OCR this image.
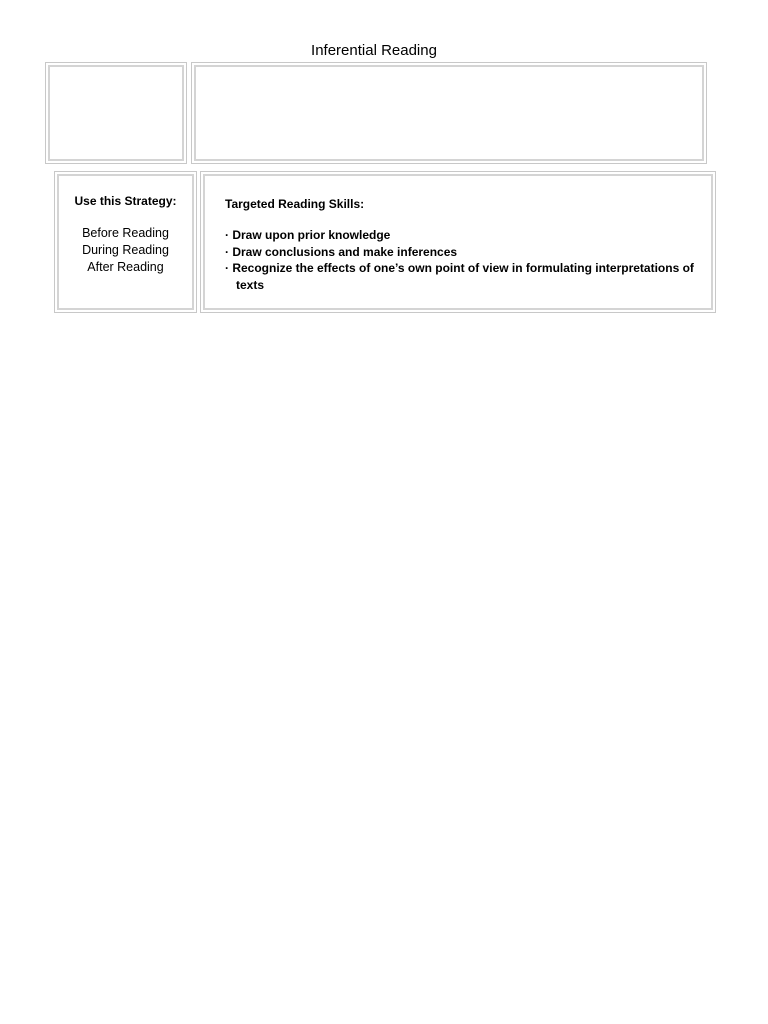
Inferential Reading
Use this Strategy:
Before Reading
During Reading
After Reading
Targeted Reading Skills:
· Draw upon prior knowledge
· Draw conclusions and make inferences
· Recognize the effects of one’s own point of view in formulating interpretations of texts
